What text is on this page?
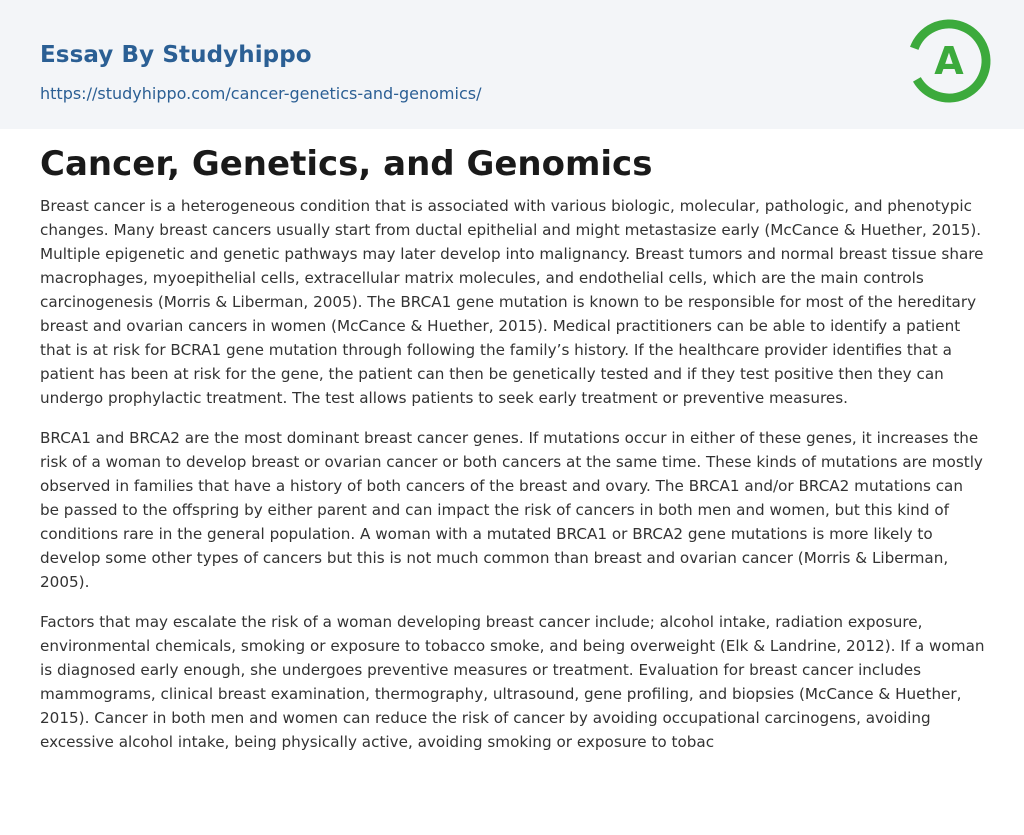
Essay By Studyhippo
https://studyhippo.com/cancer-genetics-and-genomics/
A
Cancer, Genetics, and Genomics

Breast cancer is a heterogeneous condition that is associated with various biologic, molecular, pathologic, and phenotypic changes. Many breast cancers usually start from ductal epithelial and might metastasize early (McCance & Huether, 2015). Multiple epigenetic and genetic pathways may later develop into malignancy. Breast tumors and normal breast tissue share macrophages, myoepithelial cells, extracellular matrix molecules, and endothelial cells, which are the main controls carcinogenesis (Morris & Liberman, 2005). The BRCA1 gene mutation is known to be responsible for most of the hereditary breast and ovarian cancers in women (McCance & Huether, 2015). Medical practitioners can be able to identify a patient that is at risk for BCRA1 gene mutation through following the family’s history. If the healthcare provider identifies that a patient has been at risk for the gene, the patient can then be genetically tested and if they test positive then they can undergo prophylactic treatment. The test allows patients to seek early treatment or preventive measures.

BRCA1 and BRCA2 are the most dominant breast cancer genes. If mutations occur in either of these genes, it increases the risk of a woman to develop breast or ovarian cancer or both cancers at the same time. These kinds of mutations are mostly observed in families that have a history of both cancers of the breast and ovary. The BRCA1 and/or BRCA2 mutations can be passed to the offspring by either parent and can impact the risk of cancers in both men and women, but this kind of conditions rare in the general population. A woman with a mutated BRCA1 or BRCA2 gene mutations is more likely to develop some other types of cancers but this is not much common than breast and ovarian cancer (Morris & Liberman, 2005).

Factors that may escalate the risk of a woman developing breast cancer include; alcohol intake, radiation exposure, environmental chemicals, smoking or exposure to tobacco smoke, and being overweight (Elk & Landrine, 2012). If a woman is diagnosed early enough, she undergoes preventive measures or treatment. Evaluation for breast cancer includes mammograms, clinical breast examination, thermography, ultrasound, gene profiling, and biopsies (McCance & Huether, 2015). Cancer in both men and women can reduce the risk of cancer by avoiding occupational carcinogens, avoiding excessive alcohol intake, being physically active, avoiding smoking or exposure to tobac
